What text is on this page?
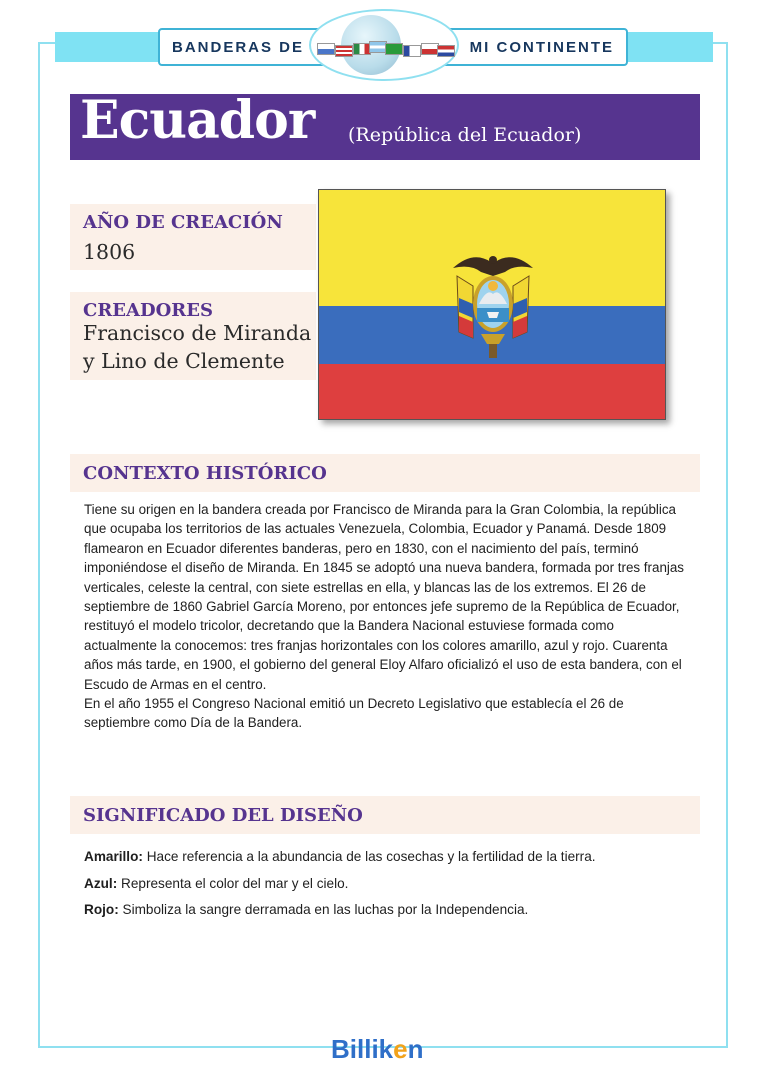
BANDERAS DE	MI CONTINENTE
Ecuador (República del Ecuador)
AÑO DE CREACIÓN
1806
CREADORES
Francisco de Miranda
y Lino de Clemente
CONTEXTO HISTÓRICO

Tiene su origen en la bandera creada por Francisco de Miranda para la Gran Colombia, la república que ocupaba los territorios de las actuales Venezuela, Colombia, Ecuador y Panamá. Desde 1809 flamearon en Ecuador diferentes banderas, pero en 1830, con el nacimiento del país, terminó imponiéndose el diseño de Miranda. En 1845 se adoptó una nueva bandera, formada por tres franjas verticales, celeste la central, con siete estrellas en ella, y blancas las de los extremos. El 26 de septiembre de 1860 Gabriel García Moreno, por entonces jefe supremo de la República de Ecuador, restituyó el modelo tricolor, decretando que la Bandera Nacional estuviese formada como actualmente la conocemos: tres franjas horizontales con los colores amarillo, azul y rojo. Cuarenta años más tarde, en 1900, el gobierno del general Eloy Alfaro oficializó el uso de esta bandera, con el Escudo de Armas en el centro.

En el año 1955 el Congreso Nacional emitió un Decreto Legislativo que establecía el 26 de septiembre como Día de la Bandera.

SIGNIFICADO DEL DISEÑO
Amarillo: Hace referencia a la abundancia de las cosechas y la fertilidad de la tierra.
Azul: Representa el color del mar y el cielo.
Rojo: Simboliza la sangre derramada en las luchas por la Independencia.
Billiken
